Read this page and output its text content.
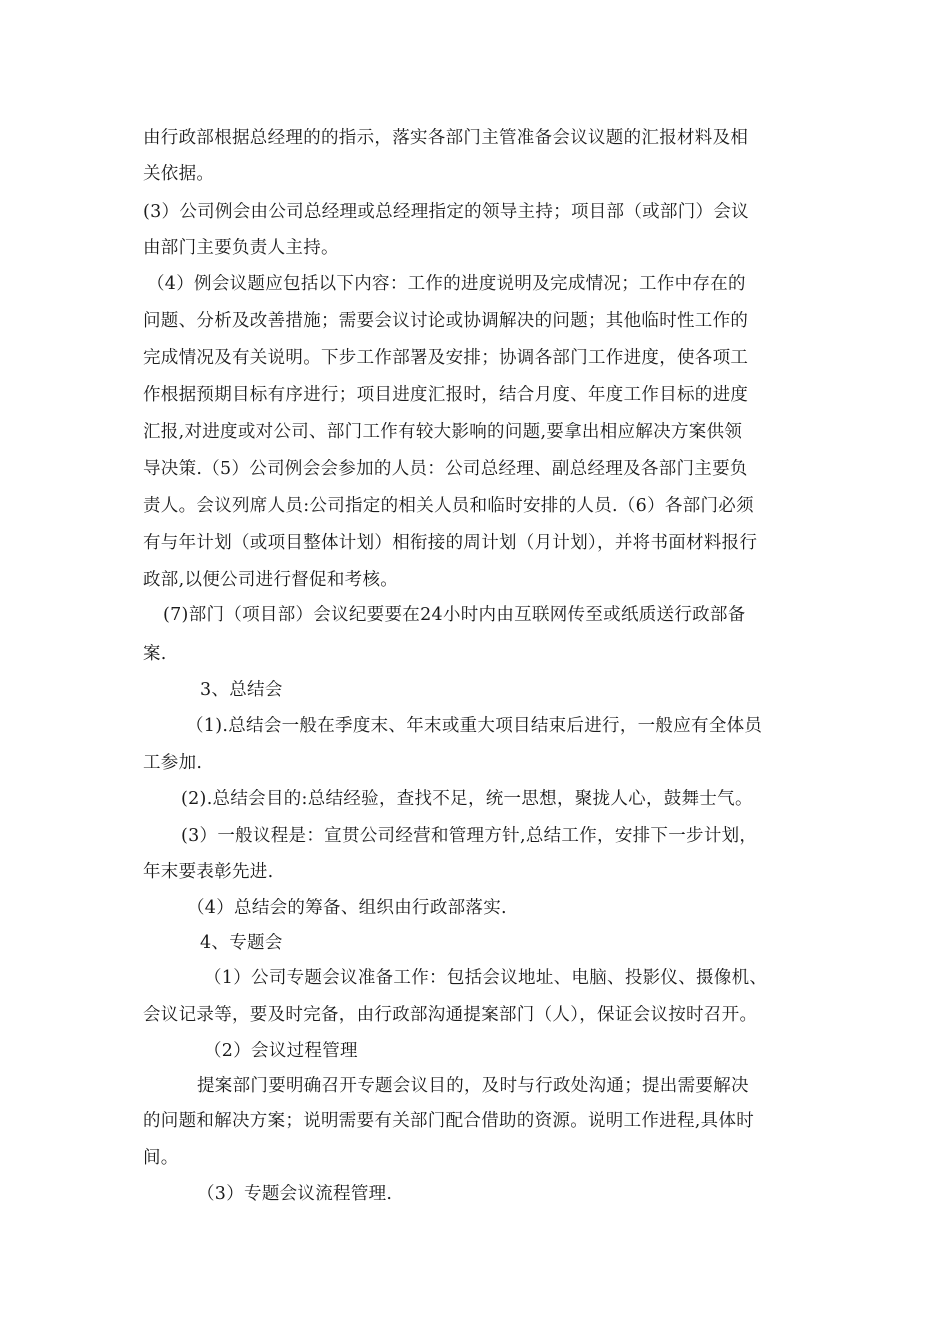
由行政部根据总经理的的指示，落实各部门主管准备会议议题的汇报材料及相
关依据。
(3）公司例会由公司总经理或总经理指定的领导主持；项目部（或部门）会议
由部门主要负责人主持。
（4）例会议题应包括以下内容：工作的进度说明及完成情况；工作中存在的
问题、分析及改善措施；需要会议讨论或协调解决的问题；其他临时性工作的
完成情况及有关说明。下步工作部署及安排；协调各部门工作进度，使各项工
作根据预期目标有序进行；项目进度汇报时，结合月度、年度工作目标的进度
汇报,对进度或对公司、部门工作有较大影响的问题,要拿出相应解决方案供领
导决策.（5）公司例会会参加的人员：公司总经理、副总经理及各部门主要负
责人。会议列席人员:公司指定的相关人员和临时安排的人员.（6）各部门必须
有与年计划（或项目整体计划）相衔接的周计划（月计划），并将书面材料报行
政部,以便公司进行督促和考核。
(7)部门（项目部）会议纪要要在24小时内由互联网传至或纸质送行政部备
案.
3、总结会
（1).总结会一般在季度末、年末或重大项目结束后进行，一般应有全体员
工参加.
(2).总结会目的:总结经验，查找不足，统一思想，聚拢人心，鼓舞士气。
(3）一般议程是：宣贯公司经营和管理方针,总结工作，安排下一步计划，
年末要表彰先进.
（4）总结会的筹备、组织由行政部落实.
4、专题会
（1）公司专题会议准备工作：包括会议地址、电脑、投影仪、摄像机、
会议记录等，要及时完备，由行政部沟通提案部门（人），保证会议按时召开。
（2）会议过程管理
提案部门要明确召开专题会议目的，及时与行政处沟通；提出需要解决
的问题和解决方案；说明需要有关部门配合借助的资源。说明工作进程,具体时
间。
（3）专题会议流程管理.
